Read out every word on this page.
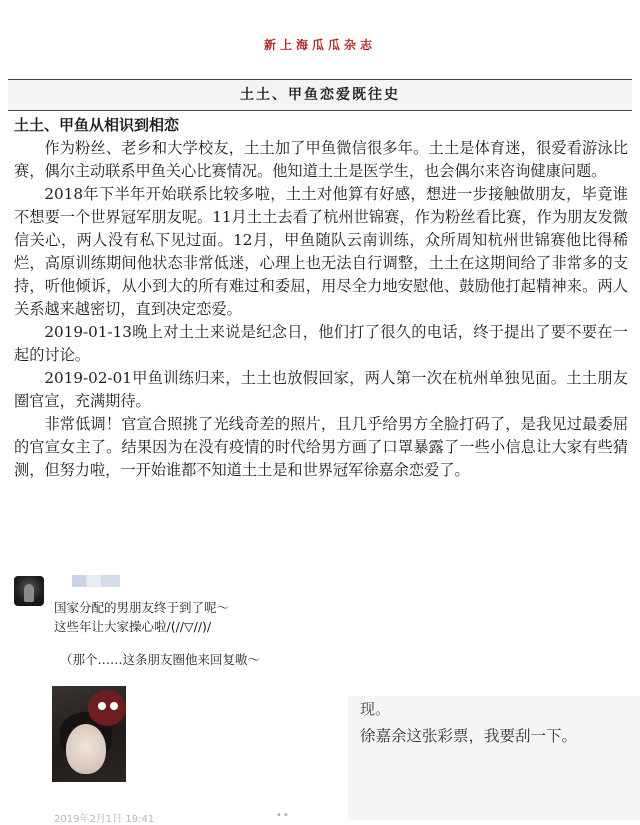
新上海瓜瓜杂志
土土、甲鱼恋爱既往史
土土、甲鱼从相识到相恋

作为粉丝、老乡和大学校友，土土加了甲鱼微信很多年。土土是体育迷，很爱看游泳比赛，偶尔主动联系甲鱼关心比赛情况。他知道土土是医学生，也会偶尔来咨询健康问题。

2018年下半年开始联系比较多啦，土土对他算有好感，想进一步接触做朋友，毕竟谁不想要一个世界冠军朋友呢。11月土土去看了杭州世锦赛，作为粉丝看比赛，作为朋友发微信关心，两人没有私下见过面。12月，甲鱼随队云南训练，众所周知杭州世锦赛他比得稀烂，高原训练期间他状态非常低迷，心理上也无法自行调整，土土在这期间给了非常多的支持，听他倾诉，从小到大的所有难过和委屈，用尽全力地安慰他、鼓励他打起精神来。两人关系越来越密切，直到决定恋爱。

2019-01-13晚上对土土来说是纪念日，他们打了很久的电话，终于提出了要不要在一起的讨论。

2019-02-01甲鱼训练归来，土土也放假回家，两人第一次在杭州单独见面。土土朋友圈官宣，充满期待。

非常低调！官宣合照挑了光线奇差的照片，且几乎给男方全脸打码了，是我见过最委屈的官宣女主了。结果因为在没有疫情的时代给男方画了口罩暴露了一些小信息让大家有些猜测，但努力啦，一开始谁都不知道土土是和世界冠军徐嘉余恋爱了。

国家分配的男朋友终于到了呢～
这些年让大家操心啦/(//▽//)/
（那个……这条朋友圈他来回复嗷～
现。
徐嘉余这张彩票，我要刮一下。
2019年2月1日 19:41	••
